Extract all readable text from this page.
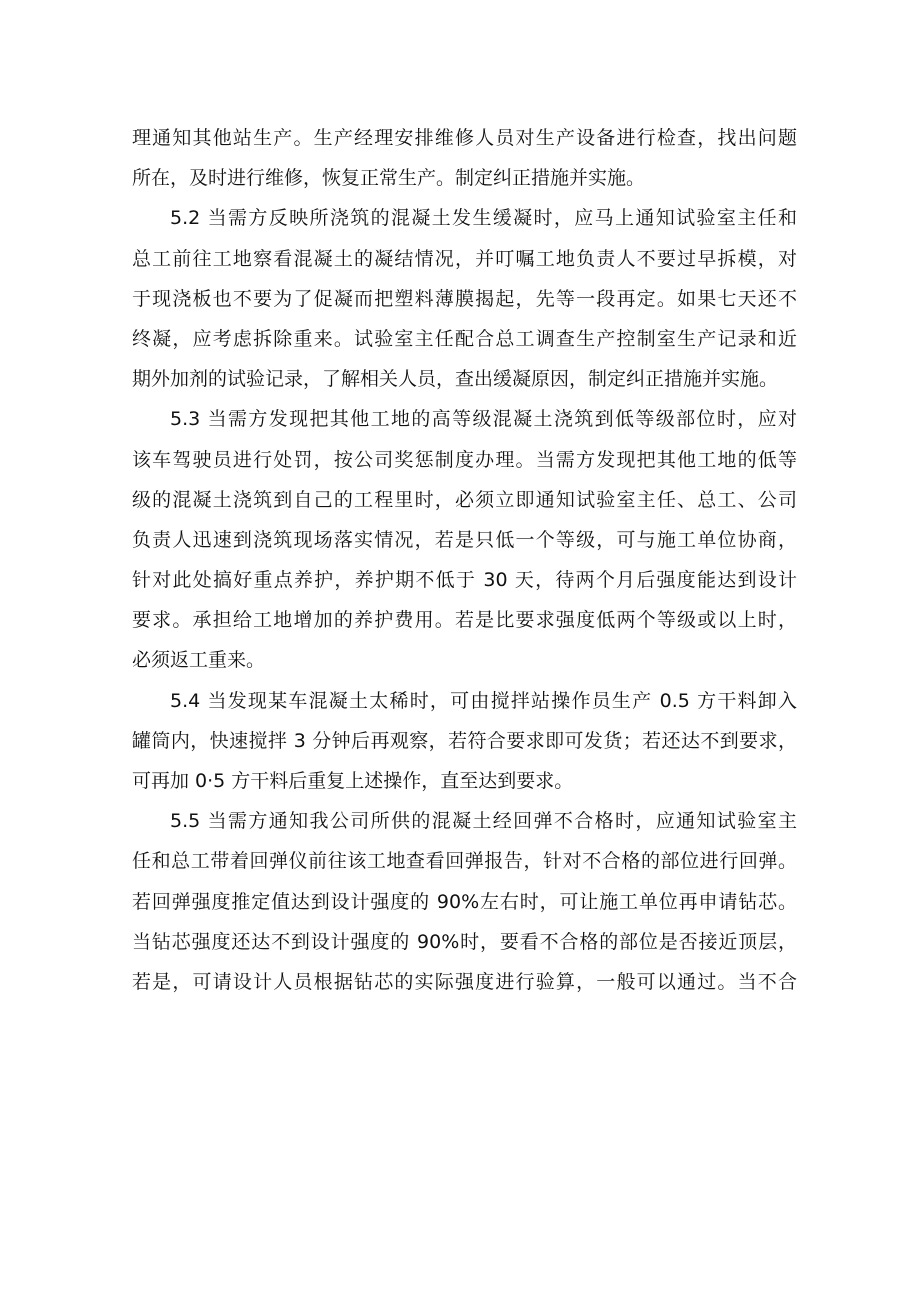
理通知其他站生产。生产经理安排维修人员对生产设备进行检查，找出问题
所在，及时进行维修，恢复正常生产。制定纠正措施并实施。
5.2 当需方反映所浇筑的混凝土发生缓凝时，应马上通知试验室主任和
总工前往工地察看混凝土的凝结情况，并叮嘱工地负责人不要过早拆模，对
于现浇板也不要为了促凝而把塑料薄膜揭起，先等一段再定。如果七天还不
终凝，应考虑拆除重来。试验室主任配合总工调查生产控制室生产记录和近
期外加剂的试验记录，了解相关人员，查出缓凝原因，制定纠正措施并实施。
5.3 当需方发现把其他工地的高等级混凝土浇筑到低等级部位时，应对
该车驾驶员进行处罚，按公司奖惩制度办理。当需方发现把其他工地的低等
级的混凝土浇筑到自己的工程里时，必须立即通知试验室主任、总工、公司
负责人迅速到浇筑现场落实情况，若是只低一个等级，可与施工单位协商，
针对此处搞好重点养护，养护期不低于 30 天，待两个月后强度能达到设计
要求。承担给工地增加的养护费用。若是比要求强度低两个等级或以上时，
必须返工重来。
5.4 当发现某车混凝土太稀时，可由搅拌站操作员生产 0.5 方干料卸入
罐筒内，快速搅拌 3 分钟后再观察，若符合要求即可发货；若还达不到要求，
可再加 0·5 方干料后重复上述操作，直至达到要求。
5.5 当需方通知我公司所供的混凝土经回弹不合格时，应通知试验室主
任和总工带着回弹仪前往该工地查看回弹报告，针对不合格的部位进行回弹。
若回弹强度推定值达到设计强度的 90%左右时，可让施工单位再申请钻芯。
当钻芯强度还达不到设计强度的 90%时，要看不合格的部位是否接近顶层，
若是，可请设计人员根据钻芯的实际强度进行验算，一般可以通过。当不合
